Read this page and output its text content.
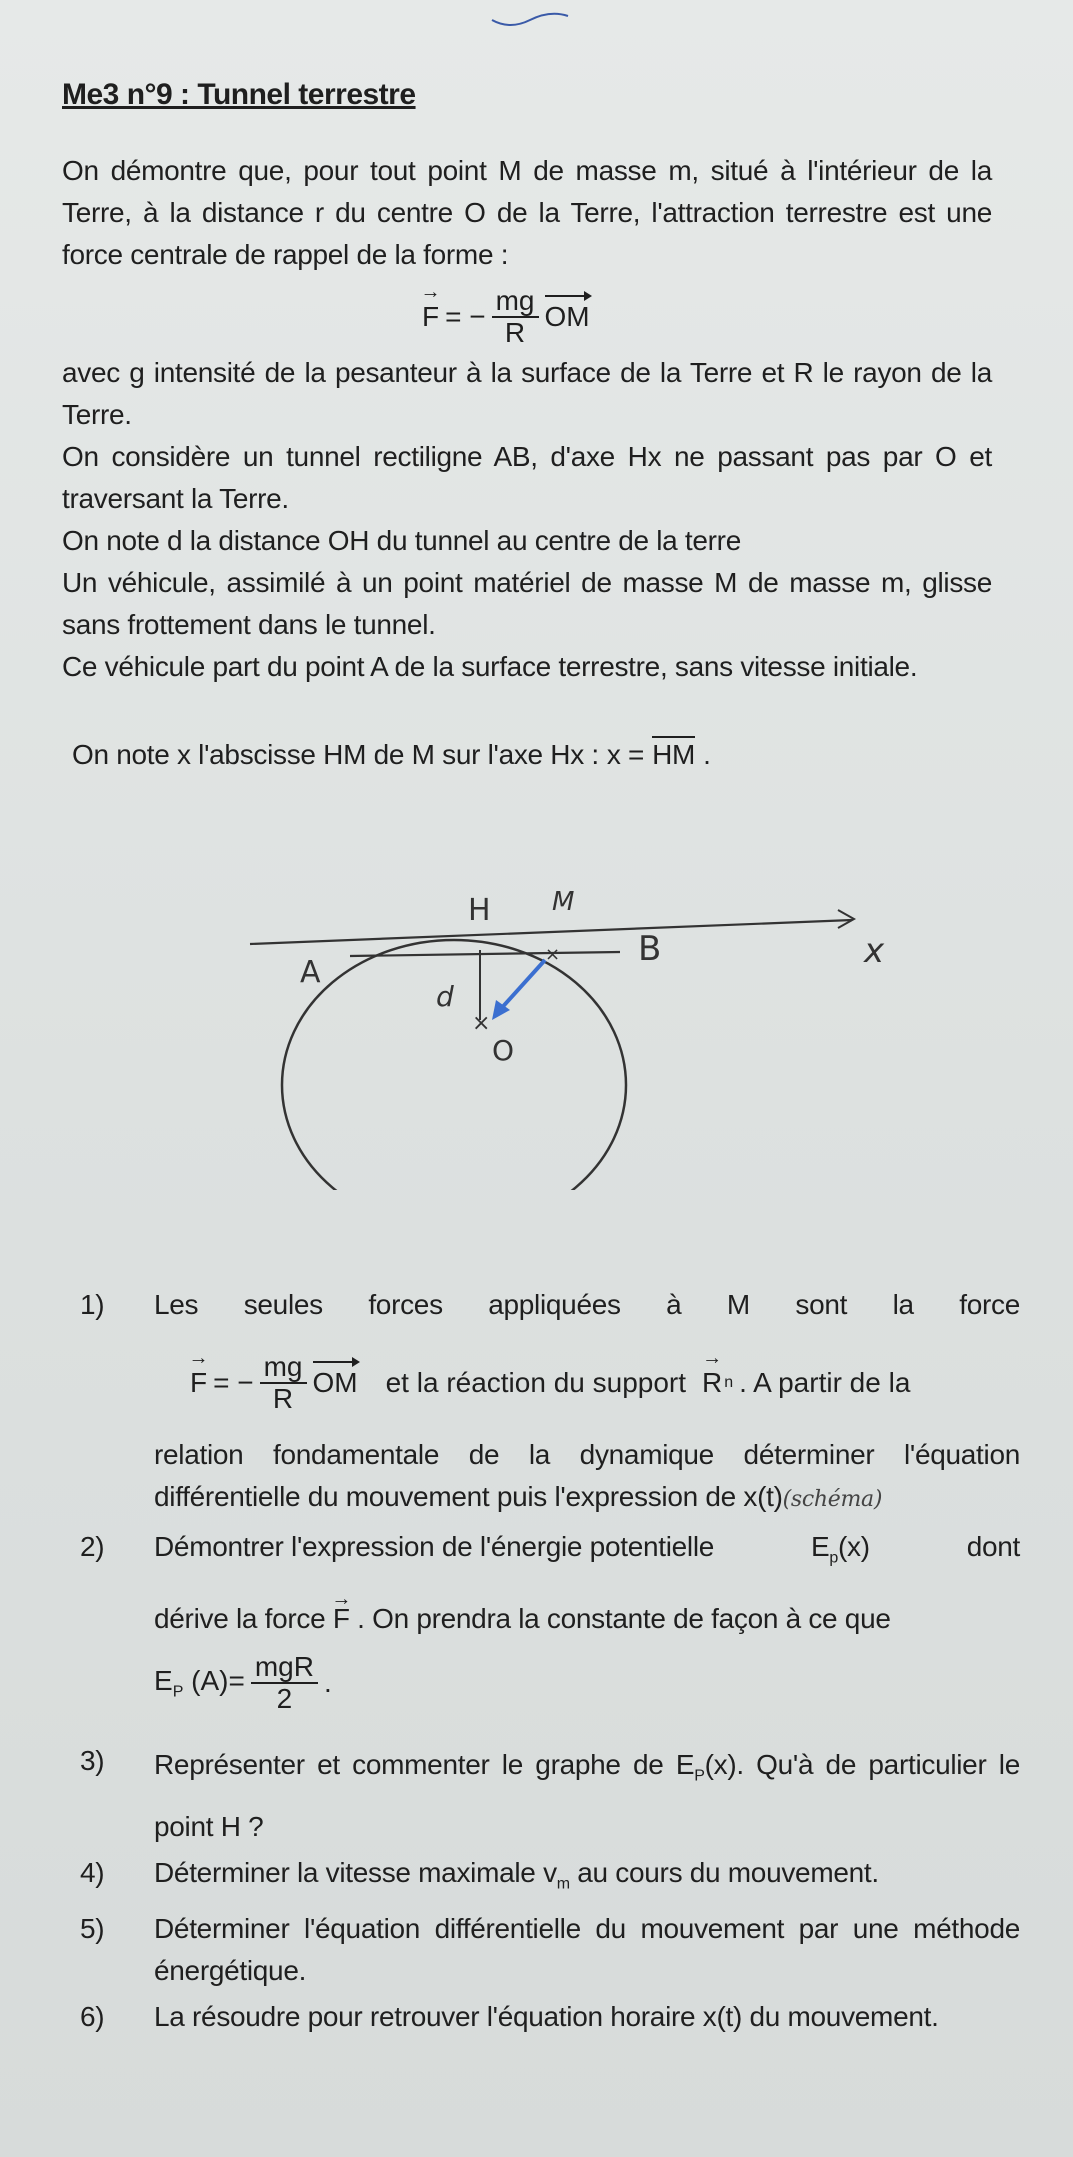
Me3 n°9 : Tunnel terrestre
On démontre que, pour tout point M de masse m, situé à l'intérieur de la Terre, à la distance r du centre O de la Terre, l'attraction terrestre est une force centrale de rappel de la forme :
→ F = − $\frac{mg}{R}$ OM
avec g intensité de la pesanteur à la surface de la Terre et R le rayon de la Terre.
On considère un tunnel rectiligne AB, d'axe Hx ne passant pas par O et traversant la Terre.
On note d la distance OH du tunnel au centre de la terre
Un véhicule, assimilé à un point matériel de masse M de masse m, glisse sans frottement dans le tunnel.
Ce véhicule part du point A de la surface terrestre, sans vitesse initiale.
On note x l'abscisse HM de M sur l'axe Hx : x = HM .
×
×
H M
A
B
d
O
x
1) Les seules forces appliquées à M sont la force
→ F = − $\frac{mg}{R}$ OM et la réaction du support → R n . A partir de la
relation fondamentale de la dynamique déterminer l'équation différentielle du mouvement puis l'expression de x(t)(schéma)
2) Démontrer l'expression de l'énergie potentielle	$E_p(x)$	dont
dérive la force → F . On prendra la constante de façon à ce que
$E_P$ $(A)= \frac{\text{mgR}}{2}$ .
3) Représenter et commenter le graphe de $E_P(x)$. Qu'à de particulier le point H ?
4) Déterminer la vitesse maximale $v_m$ au cours du mouvement.
5) Déterminer l'équation différentielle du mouvement par une méthode énergétique.
6) La résoudre pour retrouver l'équation horaire x(t) du mouvement.
